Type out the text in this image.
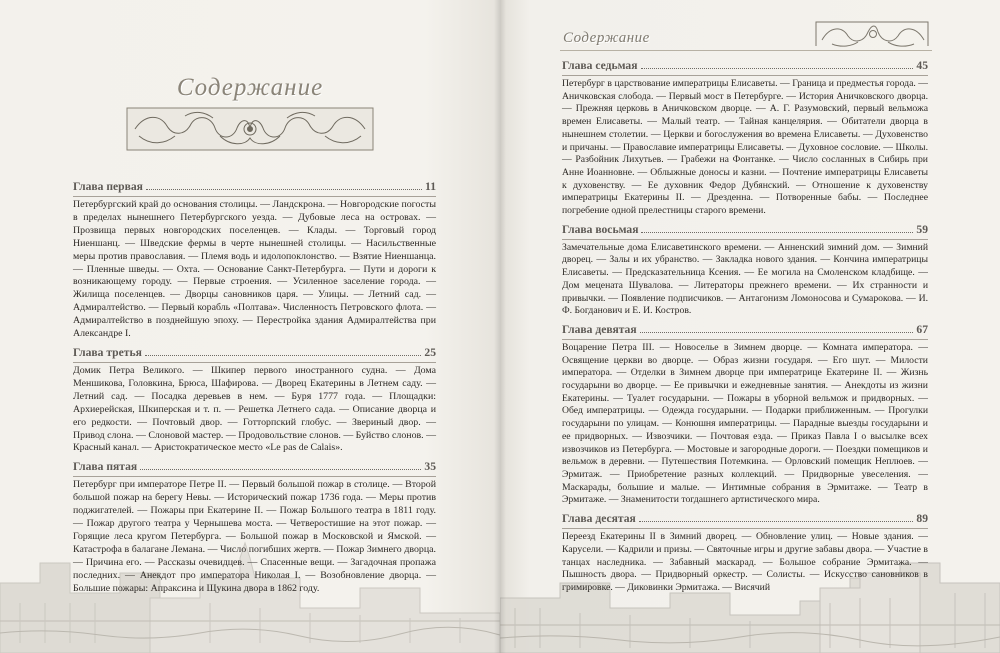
Содержание
Глава первая	11
Петербургский край до основания столицы. — Ландскрона. — Новгородские погосты в пределах нынешнего Петербургского уезда. — Дубовые леса на островах. — Прозвища первых новгородских поселенцев. — Клады. — Торговый город Ниеншанц. — Шведские фермы в черте нынешней столицы. — Насильственные меры против православия. — Племя водь и идолопоклонство. — Взятие Ниеншанца. — Пленные шведы. — Охта. — Основание Санкт-Петербурга. — Пути и дороги к возникающему городу. — Первые строения. — Усиленное заселение города. — Жилища поселенцев. — Дворцы сановников царя. — Улицы. — Летний сад. — Адмиралтейство. — Первый корабль «Полтава». Численность Петровского флота. — Адмиралтейство в позднейшую эпоху. — Перестройка здания Адмиралтейства при Александре I.
Глава третья	25
Домик Петра Великого. — Шкипер первого иностранного судна. — Дома Меншикова, Головкина, Брюса, Шафирова. — Дворец Екатерины в Летнем саду. — Летний сад. — Посадка деревьев в нем. — Буря 1777 года. — Площадки: Архиерейская, Шкиперская и т. п. — Решетка Летнего сада. — Описание дворца и его редкости. — Почтовый двор. — Готторпский глобус. — Звериный двор. — Привод слона. — Слоновой мастер. — Продовольствие слонов. — Буйство слонов. — Красный канал. — Аристократическое место «Le pas de Calais».
Глава пятая	35
Петербург при императоре Петре II. — Первый большой пожар в столице. — Второй большой пожар на берегу Невы. — Исторический пожар 1736 года. — Меры против поджигателей. — Пожары при Екатерине II. — Пожар Большого театра в 1811 году. — Пожар другого театра у Чернышева моста. — Четверостишие на этот пожар. — Горящие леса кругом Петербурга. — Большой пожар в Московской и Ямской. — Катастрофа в балагане Лемана. — Число погибших жертв. — Пожар Зимнего дворца. — Причина его. — Рассказы очевидцев. — Спасенные вещи. — Загадочная пропажа последних. — Анекдот про императора Николая I. — Возобновление дворца. — Большие пожары: Апраксина и Щукина двора в 1862 году.
Содержание
Глава седьмая	45
Петербург в царствование императрицы Елисаветы. — Граница и предместья города. — Аничковская слобода. — Первый мост в Петербурге. — История Аничковского дворца. — Прежняя церковь в Аничковском дворце. — А. Г. Разумовский, первый вельможа времен Елисаветы. — Малый театр. — Тайная канцелярия. — Обитатели дворца в нынешнем столетии. — Церкви и богослужения во времена Елисаветы. — Духовенство и причаны. — Православие императрицы Елисаветы. — Духовное сословие. — Школы. — Разбойник Лихутьев. — Грабежи на Фонтанке. — Число сосланных в Сибирь при Анне Иоанновне. — Облыжные доносы и казни. — Почтение императрицы Елисаветы к духовенству. — Ее духовник Федор Дубянский. — Отношение к духовенству императрицы Екатерины II. — Дрезденна. — Потворенные бабы. — Последнее погребение одной прелестницы старого времени.
Глава восьмая	59
Замечательные дома Елисаветинского времени. — Анненский зимний дом. — Зимний дворец. — Залы и их убранство. — Закладка нового здания. — Кончина императрицы Елисаветы. — Предсказательница Ксения. — Ее могила на Смоленском кладбище. — Дом мецената Шувалова. — Литераторы прежнего времени. — Их странности и привычки. — Появление подписчиков. — Антагонизм Ломоносова и Сумарокова. — И. Ф. Богданович и Е. И. Костров.
Глава девятая	67
Воцарение Петра III. — Новоселье в Зимнем дворце. — Комната императора. — Освящение церкви во дворце. — Образ жизни государя. — Его шут. — Милости императора. — Отделки в Зимнем дворце при императрице Екатерине II. — Жизнь государыни во дворце. — Ее привычки и ежедневные занятия. — Анекдоты из жизни Екатерины. — Туалет государыни. — Пожары в уборной вельмож и придворных. — Обед императрицы. — Одежда государыни. — Подарки приближенным. — Прогулки государыни по улицам. — Конюшня императрицы. — Парадные выезды государыни и ее придворных. — Извозчики. — Почтовая езда. — Приказ Павла I о высылке всех извозчиков из Петербурга. — Мостовые и загородные дороги. — Поездки помещиков и вельмож в деревни. — Путешествия Потемкина. — Орловский помещик Неплюев. — Эрмитаж. — Приобретение разных коллекций. — Придворные увеселения. — Маскарады, большие и малые. — Интимные собрания в Эрмитаже. — Театр в Эрмитаже. — Знаменитости тогдашнего артистического мира.
Глава десятая	89
Переезд Екатерины II в Зимний дворец. — Обновление улиц. — Новые здания. — Карусели. — Кадрили и призы. — Святочные игры и другие забавы двора. — Участие в танцах наследника. — Забавный маскарад. — Большое собрание Эрмитажа. — Пышность двора. — Придворный оркестр. — Солисты. — Искусство сановников в гримировке. — Диковинки Эрмитажа. — Висячий
